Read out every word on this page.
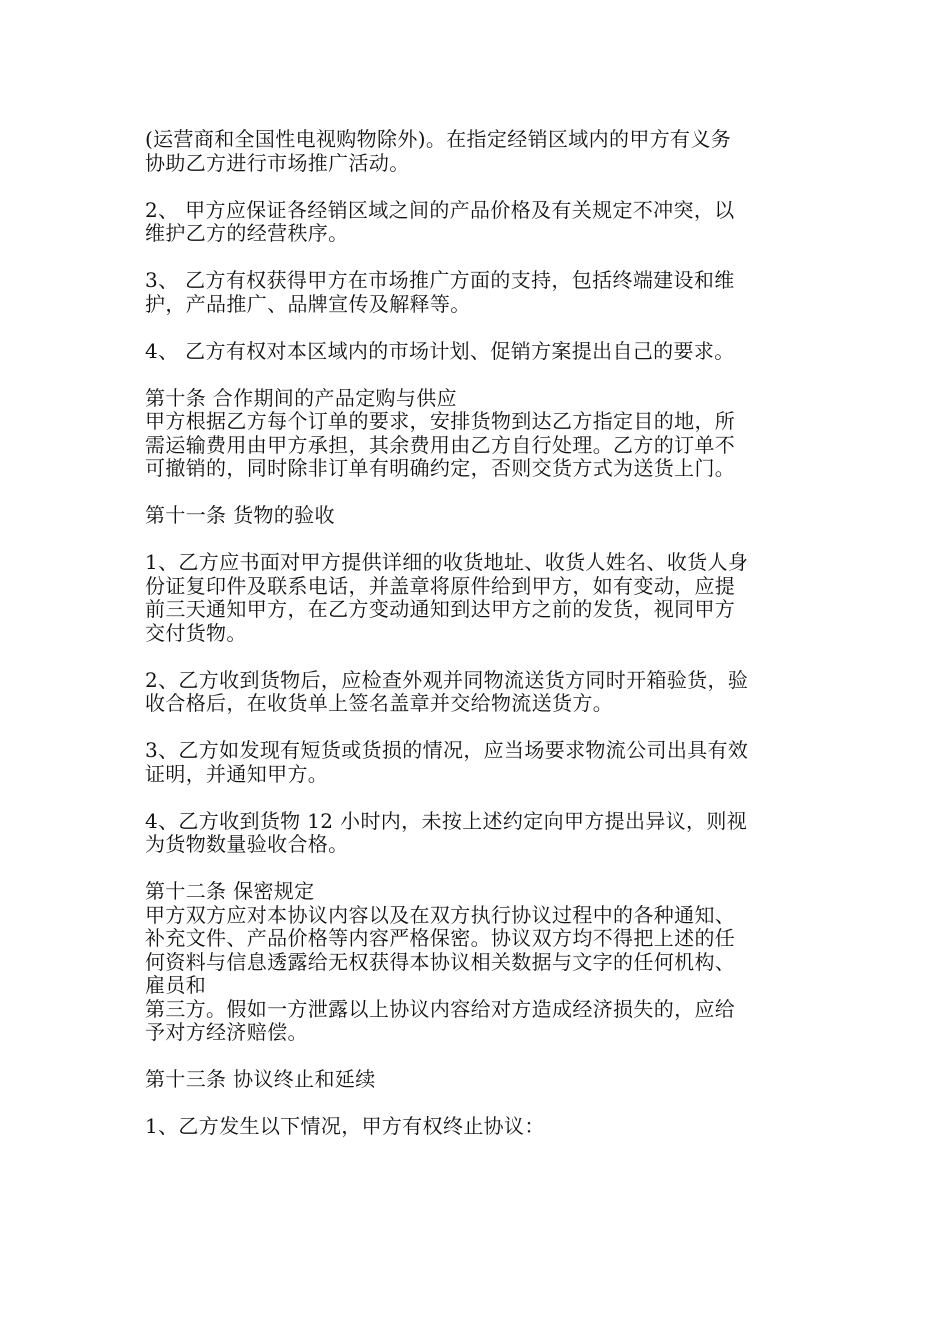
(运营商和全国性电视购物除外)。在指定经销区域内的甲方有义务
协助乙方进行市场推广活动。
2、 甲方应保证各经销区域之间的产品价格及有关规定不冲突，以
维护乙方的经营秩序。
3、 乙方有权获得甲方在市场推广方面的支持，包括终端建设和维
护，产品推广、品牌宣传及解释等。
4、 乙方有权对本区域内的市场计划、促销方案提出自己的要求。
第十条 合作期间的产品定购与供应
甲方根据乙方每个订单的要求，安排货物到达乙方指定目的地，所
需运输费用由甲方承担，其余费用由乙方自行处理。乙方的订单不
可撤销的，同时除非订单有明确约定，否则交货方式为送货上门。
第十一条 货物的验收
1、乙方应书面对甲方提供详细的收货地址、收货人姓名、收货人身
份证复印件及联系电话，并盖章将原件给到甲方，如有变动，应提
前三天通知甲方，在乙方变动通知到达甲方之前的发货，视同甲方
交付货物。
2、乙方收到货物后，应检查外观并同物流送货方同时开箱验货，验
收合格后，在收货单上签名盖章并交给物流送货方。
3、乙方如发现有短货或货损的情况，应当场要求物流公司出具有效
证明，并通知甲方。
4、乙方收到货物 12 小时内，未按上述约定向甲方提出异议，则视
为货物数量验收合格。
第十二条 保密规定
甲方双方应对本协议内容以及在双方执行协议过程中的各种通知、
补充文件、产品价格等内容严格保密。协议双方均不得把上述的任
何资料与信息透露给无权获得本协议相关数据与文字的任何机构、
雇员和
第三方。假如一方泄露以上协议内容给对方造成经济损失的，应给
予对方经济赔偿。
第十三条 协议终止和延续
1、乙方发生以下情况，甲方有权终止协议：
